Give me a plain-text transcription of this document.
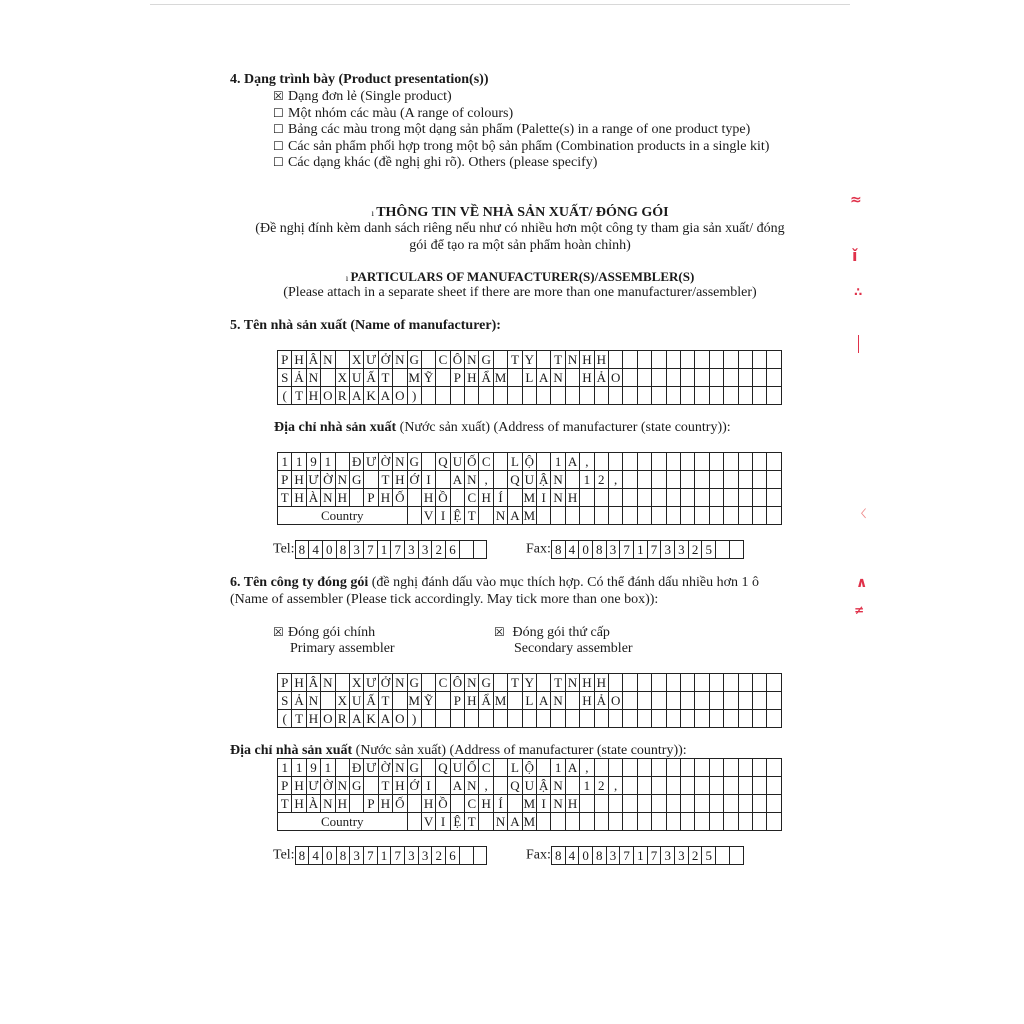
4. Dạng trình bày (Product presentation(s))
☒ Dạng đơn lẻ (Single product)
☐ Một nhóm các màu (A range of colours)
☐ Bảng các màu trong một dạng sản phẩm (Palette(s) in a range of one product type)
☐ Các sản phẩm phối hợp trong một bộ sản phẩm (Combination products in a single kit)
☐ Các dạng khác (đề nghị ghi rõ). Others (please specify)
ı THÔNG TIN VỀ NHÀ SẢN XUẤT/ ĐÓNG GÓI
(Đề nghị đính kèm danh sách riêng nếu như có nhiều hơn một công ty tham gia sản xuất/ đóng
gói để tạo ra một sản phẩm hoàn chỉnh)
ı PARTICULARS OF MANUFACTURER(S)/ASSEMBLER(S)
(Please attach in a separate sheet if there are more than one manufacturer/assembler)
5. Tên nhà sản xuất (Name of manufacturer):
P	H	Â	N		X	Ư	Ở	N	G		C	Ô	N	G		T	Y		T	N	H	H												
S	Ả	N		X	U	Ấ	T		M	Ỹ		P	H	Ẩ	M		L	A	N		H	Ả	O											
(	T	H	O	R	A	K	A	O	)																									
Địa chỉ nhà sản xuất (Nước sản xuất) (Address of manufacturer (state country)):
1	1	9	1		Đ	Ư	Ờ	N	G		Q	U	Ố	C		L	Ộ		1	A	,													
P	H	Ư	Ờ	N	G		T	H	Ớ	I		A	N	,		Q	U	Ậ	N		1	2	,											
T	H	À	N	H		P	H	Ố		H	Ồ		C	H	Í		M	I	N	H														
Country										V	I	Ệ	T		N	A	M																	
Tel: 8	4	0	8	3	7	1	7	3	3	2	6			Fax: 8	4	0	8	3	7	1	7	3	3	2	5		
6. Tên công ty đóng gói (đề nghị đánh dấu vào mục thích hợp. Có thể đánh dấu nhiều hơn 1 ô
(Name of assembler (Please tick accordingly. May tick more than one box)):
☒ Đóng gói chính
Primary assembler
☒ Đóng gói thứ cấp
Secondary assembler
P	H	Â	N		X	Ư	Ở	N	G		C	Ô	N	G		T	Y		T	N	H	H												
S	Ả	N		X	U	Ấ	T		M	Ỹ		P	H	Ẩ	M		L	A	N		H	Ả	O											
(	T	H	O	R	A	K	A	O	)																									
Địa chỉ nhà sản xuất (Nước sản xuất) (Address of manufacturer (state country)):
1	1	9	1		Đ	Ư	Ờ	N	G		Q	U	Ố	C		L	Ộ		1	A	,													
P	H	Ư	Ờ	N	G		T	H	Ớ	I		A	N	,		Q	U	Ậ	N		1	2	,											
T	H	À	N	H		P	H	Ố		H	Ồ		C	H	Í		M	I	N	H														
Country										V	I	Ệ	T		N	A	M																	
Tel: 8	4	0	8	3	7	1	7	3	3	2	6			Fax: 8	4	0	8	3	7	1	7	3	3	2	5		
≈
ǐ
∴
〈
∧
≠
